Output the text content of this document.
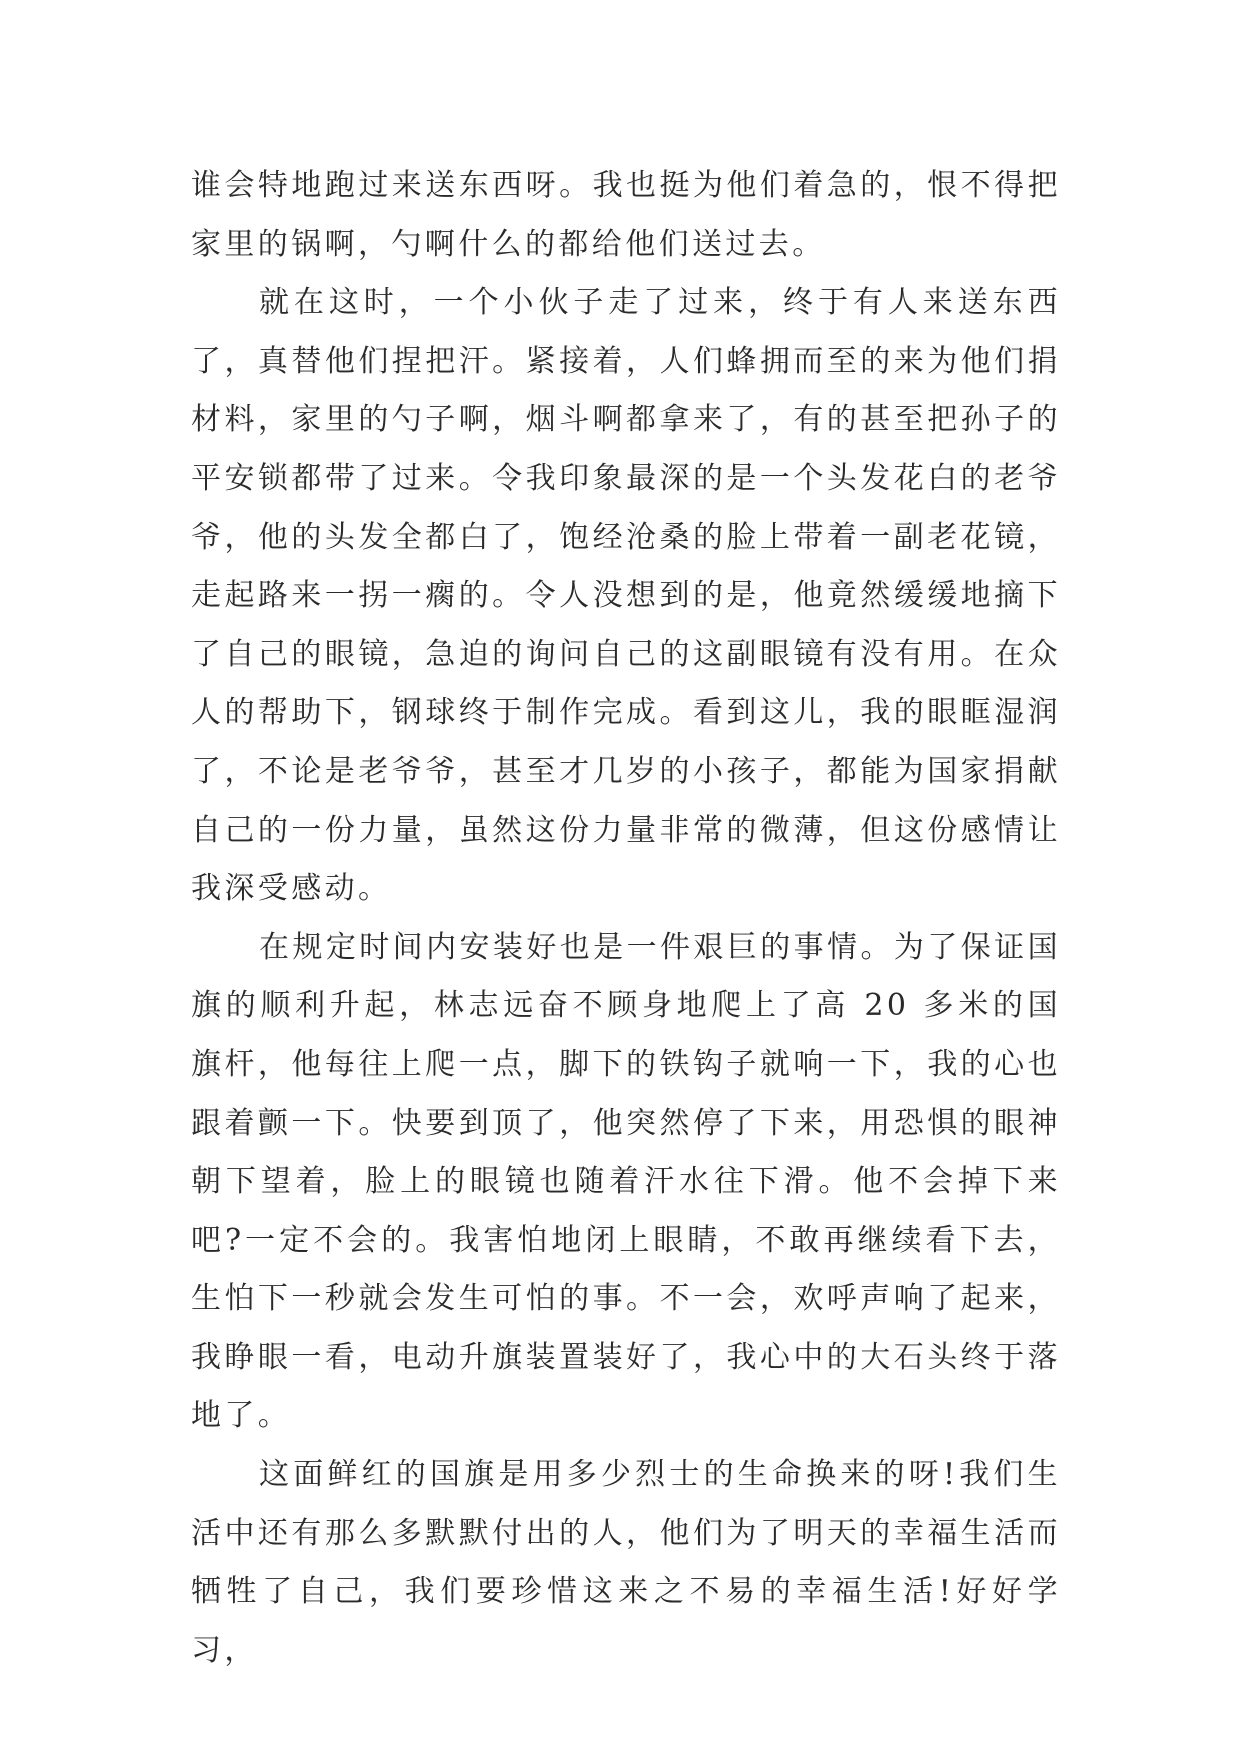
谁会特地跑过来送东西呀。我也挺为他们着急的，恨不得把家里的锅啊，勺啊什么的都给他们送过去。

就在这时，一个小伙子走了过来，终于有人来送东西了，真替他们捏把汗。紧接着，人们蜂拥而至的来为他们捐材料，家里的勺子啊，烟斗啊都拿来了，有的甚至把孙子的平安锁都带了过来。令我印象最深的是一个头发花白的老爷爷，他的头发全都白了，饱经沧桑的脸上带着一副老花镜，走起路来一拐一瘸的。令人没想到的是，他竟然缓缓地摘下了自己的眼镜，急迫的询问自己的这副眼镜有没有用。在众人的帮助下，钢球终于制作完成。看到这儿，我的眼眶湿润了，不论是老爷爷，甚至才几岁的小孩子，都能为国家捐献自己的一份力量，虽然这份力量非常的微薄，但这份感情让我深受感动。

在规定时间内安装好也是一件艰巨的事情。为了保证国旗的顺利升起，林志远奋不顾身地爬上了高 20 多米的国旗杆，他每往上爬一点，脚下的铁钩子就响一下，我的心也跟着颤一下。快要到顶了，他突然停了下来，用恐惧的眼神朝下望着，脸上的眼镜也随着汗水往下滑。他不会掉下来吧?一定不会的。我害怕地闭上眼睛，不敢再继续看下去，生怕下一秒就会发生可怕的事。不一会，欢呼声响了起来，我睁眼一看，电动升旗装置装好了，我心中的大石头终于落地了。

这面鲜红的国旗是用多少烈士的生命换来的呀!我们生活中还有那么多默默付出的人，他们为了明天的幸福生活而牺牲了自己，我们要珍惜这来之不易的幸福生活!好好学习，
